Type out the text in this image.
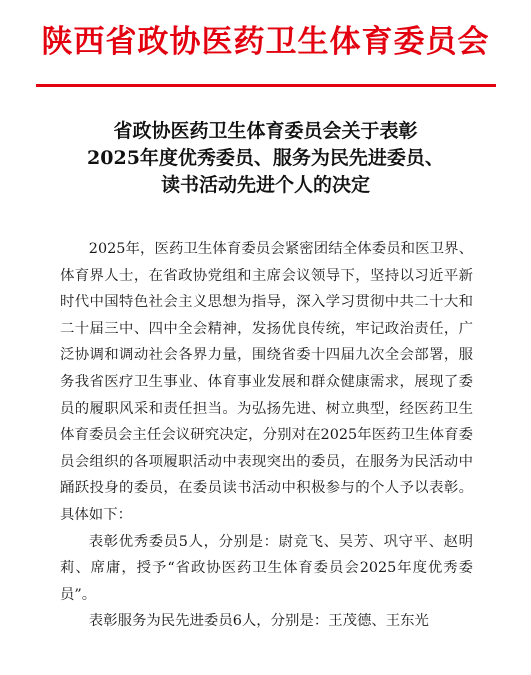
陕西省政协医药卫生体育委员会
省政协医药卫生体育委员会关于表彰
2025年度优秀委员、服务为民先进委员、
读书活动先进个人的决定

2025年，医药卫生体育委员会紧密团结全体委员和医卫界、体育界人士，在省政协党组和主席会议领导下，坚持以习近平新时代中国特色社会主义思想为指导，深入学习贯彻中共二十大和二十届三中、四中全会精神，发扬优良传统，牢记政治责任，广泛协调和调动社会各界力量，围绕省委十四届九次全会部署，服务我省医疗卫生事业、体育事业发展和群众健康需求，展现了委员的履职风采和责任担当。为弘扬先进、树立典型，经医药卫生体育委员会主任会议研究决定，分别对在2025年医药卫生体育委员会组织的各项履职活动中表现突出的委员，在服务为民活动中踊跃投身的委员，在委员读书活动中积极参与的个人予以表彰。具体如下：

表彰优秀委员5人，分别是：尉竞飞、吴芳、巩守平、赵明莉、席庸，授予“省政协医药卫生体育委员会2025年度优秀委员”。

表彰服务为民先进委员6人，分别是：王茂德、王东光
